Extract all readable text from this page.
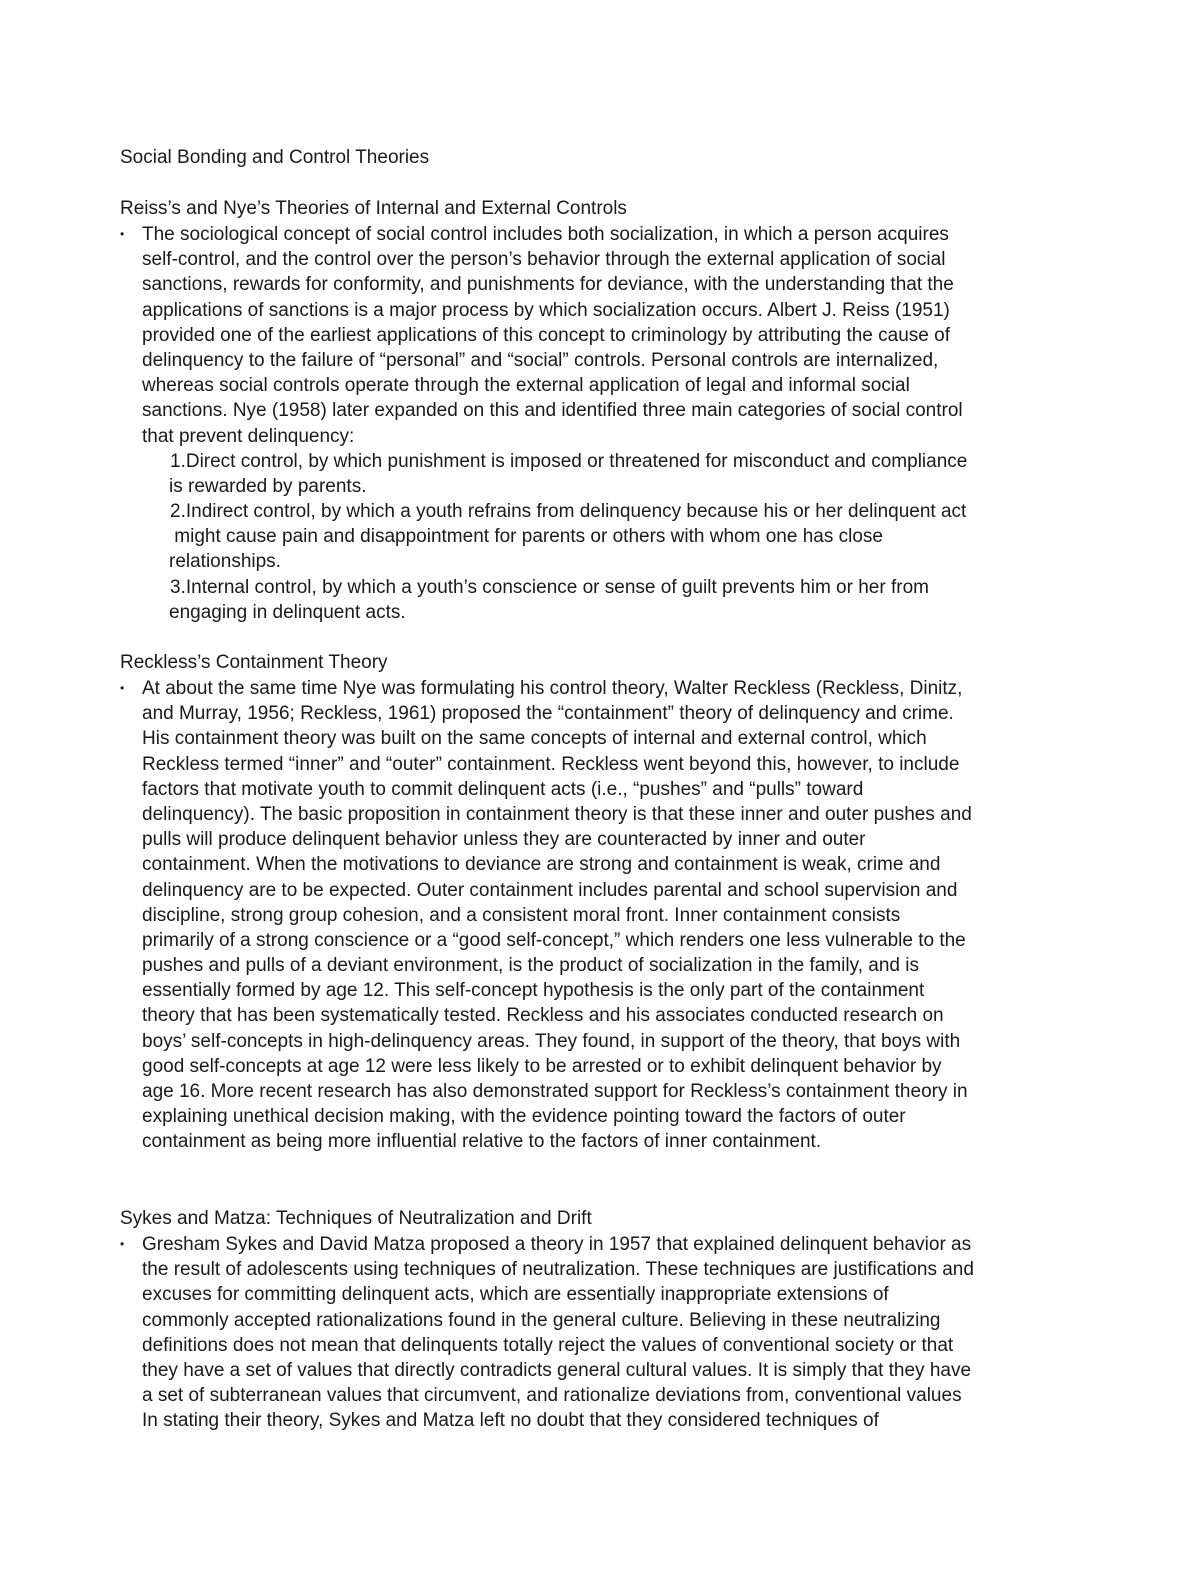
Social Bonding and Control Theories
Reiss’s and Nye’s Theories of Internal and External Controls
• The sociological concept of social control includes both socialization, in which a person acquires
self-control, and the control over the person’s behavior through the external application of social
sanctions, rewards for conformity, and punishments for deviance, with the understanding that the
applications of sanctions is a major process by which socialization occurs. Albert J. Reiss (1951)
provided one of the earliest applications of this concept to criminology by attributing the cause of
delinquency to the failure of “personal” and “social” controls. Personal controls are internalized,
whereas social controls operate through the external application of legal and informal social
sanctions. Nye (1958) later expanded on this and identified three main categories of social control
that prevent delinquency:
1.Direct control, by which punishment is imposed or threatened for misconduct and compliance
is rewarded by parents.
2.Indirect control, by which a youth refrains from delinquency because his or her delinquent act
might cause pain and disappointment for parents or others with whom one has close
relationships.
3.Internal control, by which a youth’s conscience or sense of guilt prevents him or her from
engaging in delinquent acts.
Reckless’s Containment Theory
• At about the same time Nye was formulating his control theory, Walter Reckless (Reckless, Dinitz,
and Murray, 1956; Reckless, 1961) proposed the “containment” theory of delinquency and crime.
His containment theory was built on the same concepts of internal and external control, which
Reckless termed “inner” and “outer” containment. Reckless went beyond this, however, to include
factors that motivate youth to commit delinquent acts (i.e., “pushes” and “pulls” toward
delinquency). The basic proposition in containment theory is that these inner and outer pushes and
pulls will produce delinquent behavior unless they are counteracted by inner and outer
containment. When the motivations to deviance are strong and containment is weak, crime and
delinquency are to be expected. Outer containment includes parental and school supervision and
discipline, strong group cohesion, and a consistent moral front. Inner containment consists
primarily of a strong conscience or a “good self-concept,” which renders one less vulnerable to the
pushes and pulls of a deviant environment, is the product of socialization in the family, and is
essentially formed by age 12. This self-concept hypothesis is the only part of the containment
theory that has been systematically tested. Reckless and his associates conducted research on
boys’ self-concepts in high-delinquency areas. They found, in support of the theory, that boys with
good self-concepts at age 12 were less likely to be arrested or to exhibit delinquent behavior by
age 16. More recent research has also demonstrated support for Reckless’s containment theory in
explaining unethical decision making, with the evidence pointing toward the factors of outer
containment as being more influential relative to the factors of inner containment.
Sykes and Matza: Techniques of Neutralization and Drift
• Gresham Sykes and David Matza proposed a theory in 1957 that explained delinquent behavior as
the result of adolescents using techniques of neutralization. These techniques are justifications and
excuses for committing delinquent acts, which are essentially inappropriate extensions of
commonly accepted rationalizations found in the general culture. Believing in these neutralizing
definitions does not mean that delinquents totally reject the values of conventional society or that
they have a set of values that directly contradicts general cultural values. It is simply that they have
a set of subterranean values that circumvent, and rationalize deviations from, conventional values
In stating their theory, Sykes and Matza left no doubt that they considered techniques of
